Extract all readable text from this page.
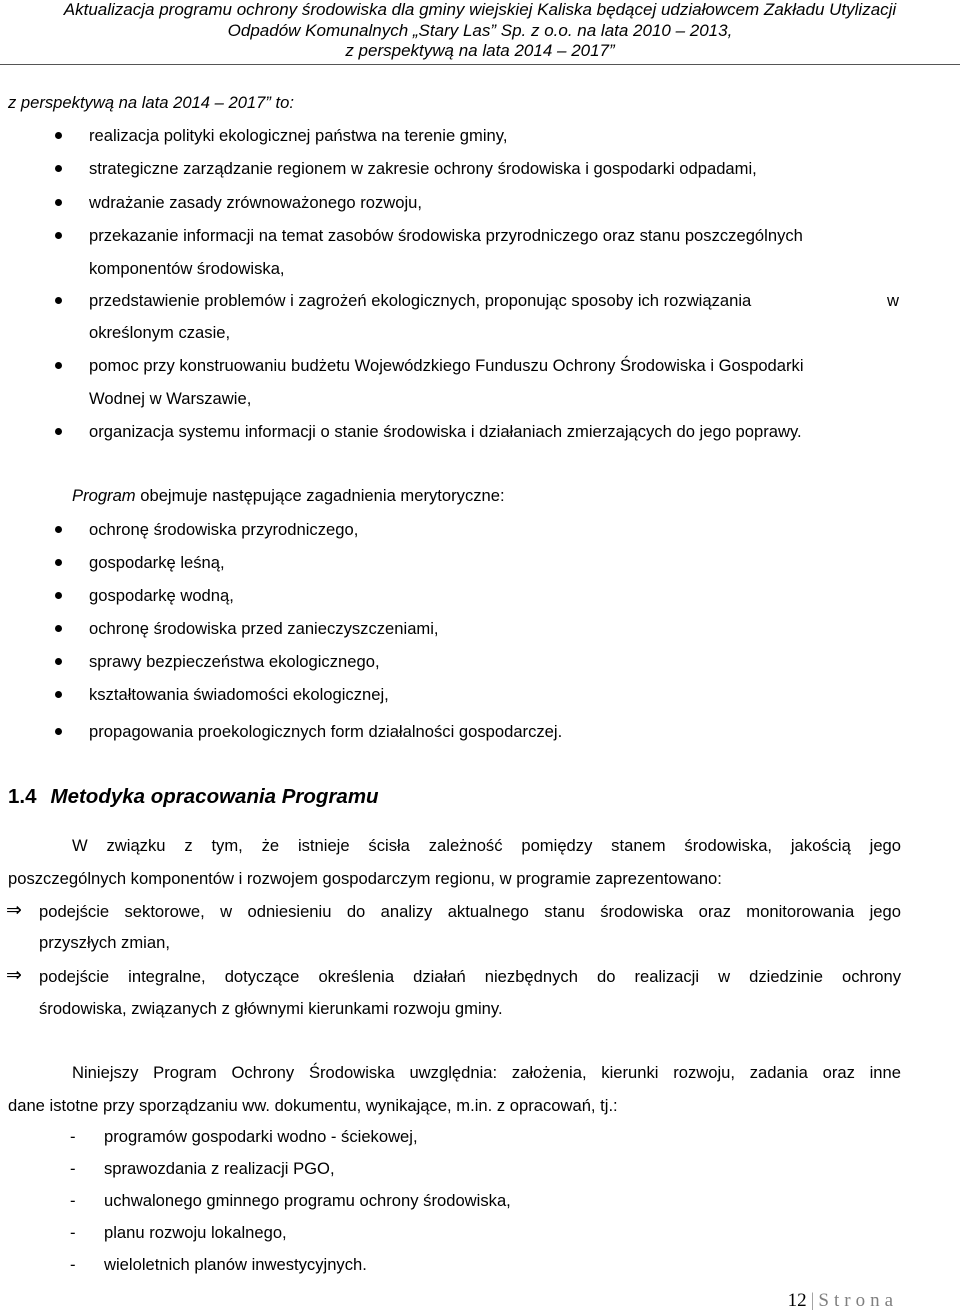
Aktualizacja programu ochrony środowiska dla gminy wiejskiej Kaliska będącej udziałowcem Zakładu Utylizacji
Odpadów Komunalnych „Stary Las” Sp. z o.o. na lata 2010 – 2013,
z perspektywą na lata 2014 – 2017”
z perspektywą na lata 2014 – 2017” to:
realizacja polityki ekologicznej państwa na terenie gminy,
strategiczne zarządzanie regionem w zakresie ochrony środowiska i gospodarki odpadami,
wdrażanie zasady zrównoważonego rozwoju,
przekazanie informacji na temat zasobów środowiska przyrodniczego oraz stanu poszczególnych
komponentów środowiska,
przedstawienie problemów i zagrożeń ekologicznych, proponując sposoby ich rozwiązania	w
określonym czasie,
pomoc przy konstruowaniu budżetu Wojewódzkiego Funduszu Ochrony Środowiska i Gospodarki
Wodnej w Warszawie,
organizacja systemu informacji o stanie środowiska i działaniach zmierzających do jego poprawy.
Program obejmuje następujące zagadnienia merytoryczne:
ochronę środowiska przyrodniczego,
gospodarkę leśną,
gospodarkę wodną,
ochronę środowiska przed zanieczyszczeniami,
sprawy bezpieczeństwa ekologicznego,
kształtowania świadomości ekologicznej,
propagowania proekologicznych form działalności gospodarczej.
1.4 Metodyka opracowania Programu
W związku z tym, że istnieje ścisła zależność pomiędzy stanem środowiska, jakością jego
poszczególnych komponentów i rozwojem gospodarczym regionu, w programie zaprezentowano:
⇒ podejście sektorowe, w odniesieniu do analizy aktualnego stanu środowiska oraz monitorowania jego
przyszłych zmian,
⇒ podejście integralne, dotyczące określenia działań niezbędnych do realizacji w dziedzinie ochrony
środowiska, związanych z głównymi kierunkami rozwoju gminy.
Niniejszy Program Ochrony Środowiska uwzględnia: założenia, kierunki rozwoju, zadania oraz inne
dane istotne przy sporządzaniu ww. dokumentu, wynikające, m.in. z opracowań, tj.:
- programów gospodarki wodno - ściekowej,
- sprawozdania z realizacji PGO,
- uchwalonego gminnego programu ochrony środowiska,
- planu rozwoju lokalnego,
- wieloletnich planów inwestycyjnych.
12 | Strona
